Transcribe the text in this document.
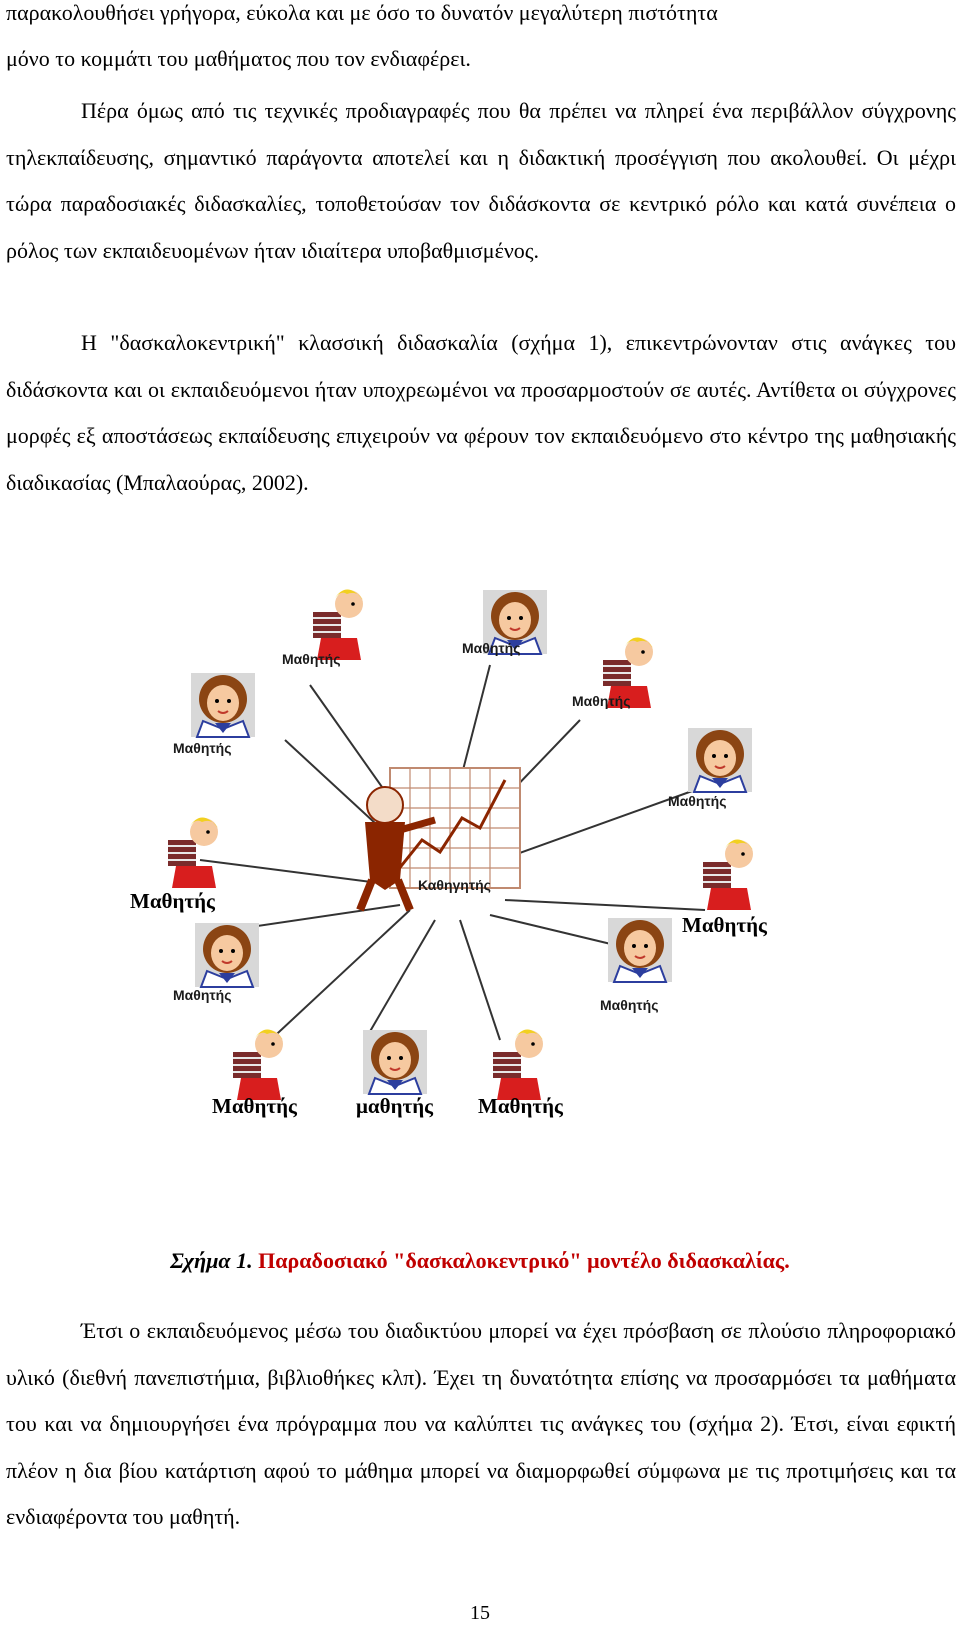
παρακολουθήσει γρήγορα, εύκολα και με όσο το δυνατόν μεγαλύτερη πιστότητα

μόνο το κομμάτι του μαθήματος που τον ενδιαφέρει.

Πέρα όμως από τις τεχνικές προδιαγραφές που θα πρέπει να πληρεί ένα περιβάλλον σύγχρονης τηλεκπαίδευσης, σημαντικό παράγοντα αποτελεί και η διδακτική προσέγγιση που ακολουθεί. Οι μέχρι τώρα παραδοσιακές διδασκαλίες, τοποθετούσαν τον διδάσκοντα σε κεντρικό ρόλο και κατά συνέπεια ο ρόλος των εκπαιδευομένων ήταν ιδιαίτερα υποβαθμισμένος.

Η "δασκαλοκεντρική" κλασσική διδασκαλία (σχήμα 1), επικεντρώνονταν στις ανάγκες του διδάσκοντα και οι εκπαιδευόμενοι ήταν υποχρεωμένοι να προσαρμοστούν σε αυτές. Αντίθετα οι σύγχρονες μορφές εξ αποστάσεως εκπαίδευσης επιχειρούν να φέρουν τον εκπαιδευόμενο στο κέντρο της μαθησιακής διαδικασίας (Μπαλαούρας, 2002).

Καθηγητής
Μαθητής
Μαθητής
Μαθητής
Μαθητής
Μαθητής
Μαθητής
Μαθητής
Μαθητής
Μαθητής
Μαθητής	μαθητής Μαθητής
Σχήμα 1. Παραδοσιακό "δασκαλοκεντρικό" μοντέλο διδασκαλίας.

Έτσι ο εκπαιδευόμενος μέσω του διαδικτύου μπορεί να έχει πρόσβαση σε πλούσιο πληροφοριακό υλικό (διεθνή πανεπιστήμια, βιβλιοθήκες κλπ). Έχει τη δυνατότητα επίσης να προσαρμόσει τα μαθήματα του και να δημιουργήσει ένα πρόγραμμα που να καλύπτει τις ανάγκες του (σχήμα 2). Έτσι, είναι εφικτή πλέον η δια βίου κατάρτιση αφού το μάθημα μπορεί να διαμορφωθεί σύμφωνα με τις προτιμήσεις και τα ενδιαφέροντα του μαθητή.

15
